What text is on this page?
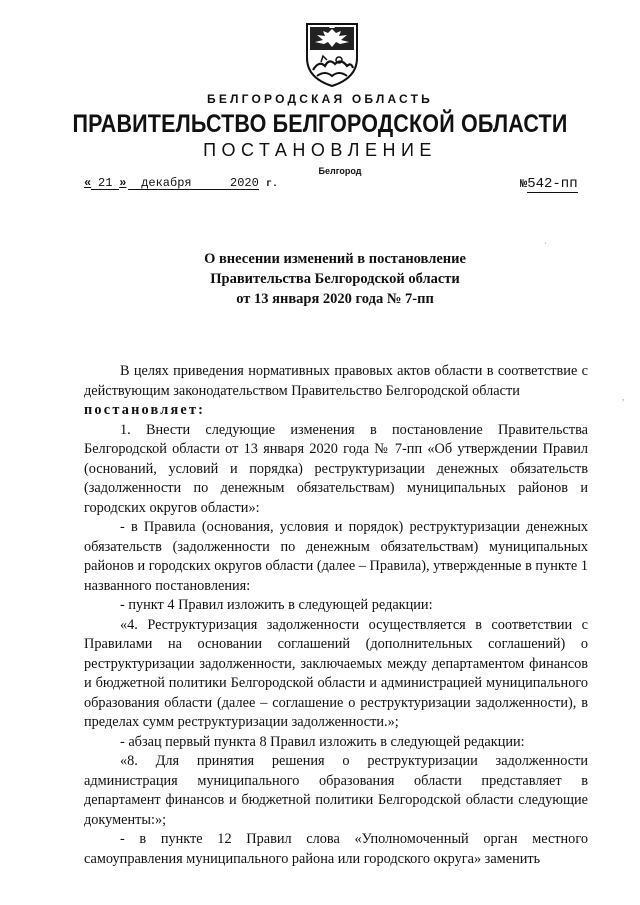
БЕЛГОРОДСКАЯ ОБЛАСТЬ
ПРАВИТЕЛЬСТВО БЕЛГОРОДСКОЙ ОБЛАСТИ
ПОСТАНОВЛЕНИЕ
Белгород
« 21 » декабря	2020 г.	№542-пп
О внесении изменений в постановление
Правительства Белгородской области
от 13 января 2020 года № 7-пп
·
,

В целях приведения нормативных правовых актов области в соответствие с действующим законодательством Правительство Белгородской области

постановляет:

1. Внести следующие изменения в постановление Правительства Белгородской области от 13 января 2020 года № 7-пп «Об утверждении Правил (оснований, условий и порядка) реструктуризации денежных обязательств (задолженности по денежным обязательствам) муниципальных районов и городских округов области»:

- в Правила (основания, условия и порядок) реструктуризации денежных обязательств (задолженности по денежным обязательствам) муниципальных районов и городских округов области (далее – Правила), утвержденные в пункте 1 названного постановления:

- пункт 4 Правил изложить в следующей редакции:

«4. Реструктуризация задолженности осуществляется в соответствии с Правилами на основании соглашений (дополнительных соглашений) о реструктуризации задолженности, заключаемых между департаментом финансов и бюджетной политики Белгородской области и администрацией муниципального образования области (далее – соглашение о реструктуризации задолженности), в пределах сумм реструктуризации задолженности.»;

- абзац первый пункта 8 Правил изложить в следующей редакции:

«8. Для принятия решения о реструктуризации задолженности администрация муниципального образования области представляет в департамент финансов и бюджетной политики Белгородской области следующие документы:»;

- в пункте 12 Правил слова «Уполномоченный орган местного самоуправления муниципального района или городского округа» заменить
